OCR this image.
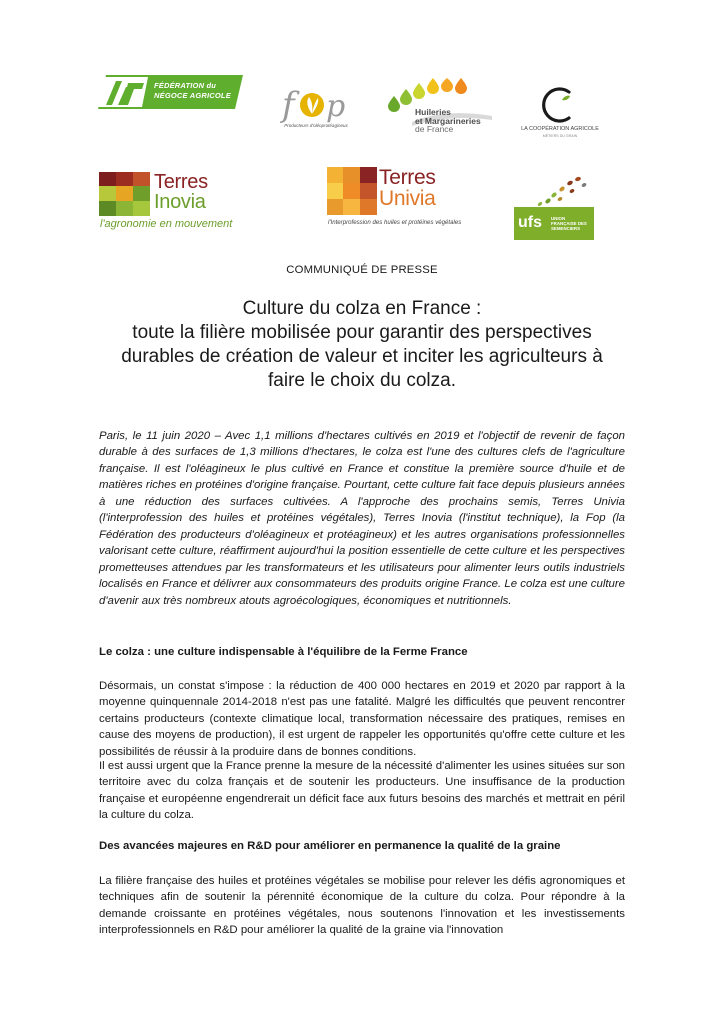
FÉDÉRATION du
NÉGOCE AGRICOLE f p
Producteurs d'oléoprotéagineux
Huileries
et Margarineries
de France	LA COOPÉRATION AGRICOLE
MÉTIERS DU GRAIN
Terres
Inovia
l'agronomie en mouvement
Terres
Univia
l'Interprofession des huiles et protéines végétales	ufs UNION
FRANÇAISE DES
SEMENCIERS
COMMUNIQUÉ DE PRESSE
Culture du colza en France :
toute la filière mobilisée pour garantir des perspectives
durables de création de valeur et inciter les agriculteurs à
faire le choix du colza.

Paris, le 11 juin 2020 – Avec 1,1 millions d'hectares cultivés en 2019 et l'objectif de revenir de façon durable à des surfaces de 1,3 millions d'hectares, le colza est l'une des cultures clefs de l'agriculture française. Il est l'oléagineux le plus cultivé en France et constitue la première source d'huile et de matières riches en protéines d'origine française. Pourtant, cette culture fait face depuis plusieurs années à une réduction des surfaces cultivées. A l'approche des prochains semis, Terres Univia (l'interprofession des huiles et protéines végétales), Terres Inovia (l'institut technique), la Fop (la Fédération des producteurs d'oléagineux et protéagineux) et les autres organisations professionnelles valorisant cette culture, réaffirment aujourd'hui la position essentielle de cette culture et les perspectives prometteuses attendues par les transformateurs et les utilisateurs pour alimenter leurs outils industriels localisés en France et délivrer aux consommateurs des produits origine France. Le colza est une culture d'avenir aux très nombreux atouts agroécologiques, économiques et nutritionnels.

Le colza : une culture indispensable à l'équilibre de la Ferme France

Désormais, un constat s'impose : la réduction de 400 000 hectares en 2019 et 2020 par rapport à la moyenne quinquennale 2014-2018 n'est pas une fatalité. Malgré les difficultés que peuvent rencontrer certains producteurs (contexte climatique local, transformation nécessaire des pratiques, remises en cause des moyens de production), il est urgent de rappeler les opportunités qu'offre cette culture et les possibilités de réussir à la produire dans de bonnes conditions.

Il est aussi urgent que la France prenne la mesure de la nécessité d'alimenter les usines situées sur son territoire avec du colza français et de soutenir les producteurs. Une insuffisance de la production française et européenne engendrerait un déficit face aux futurs besoins des marchés et mettrait en péril la culture du colza.

Des avancées majeures en R&D pour améliorer en permanence la qualité de la graine

La filière française des huiles et protéines végétales se mobilise pour relever les défis agronomiques et techniques afin de soutenir la pérennité économique de la culture du colza. Pour répondre à la demande croissante en protéines végétales, nous soutenons l'innovation et les investissements interprofessionnels en R&D pour améliorer la qualité de la graine via l'innovation
